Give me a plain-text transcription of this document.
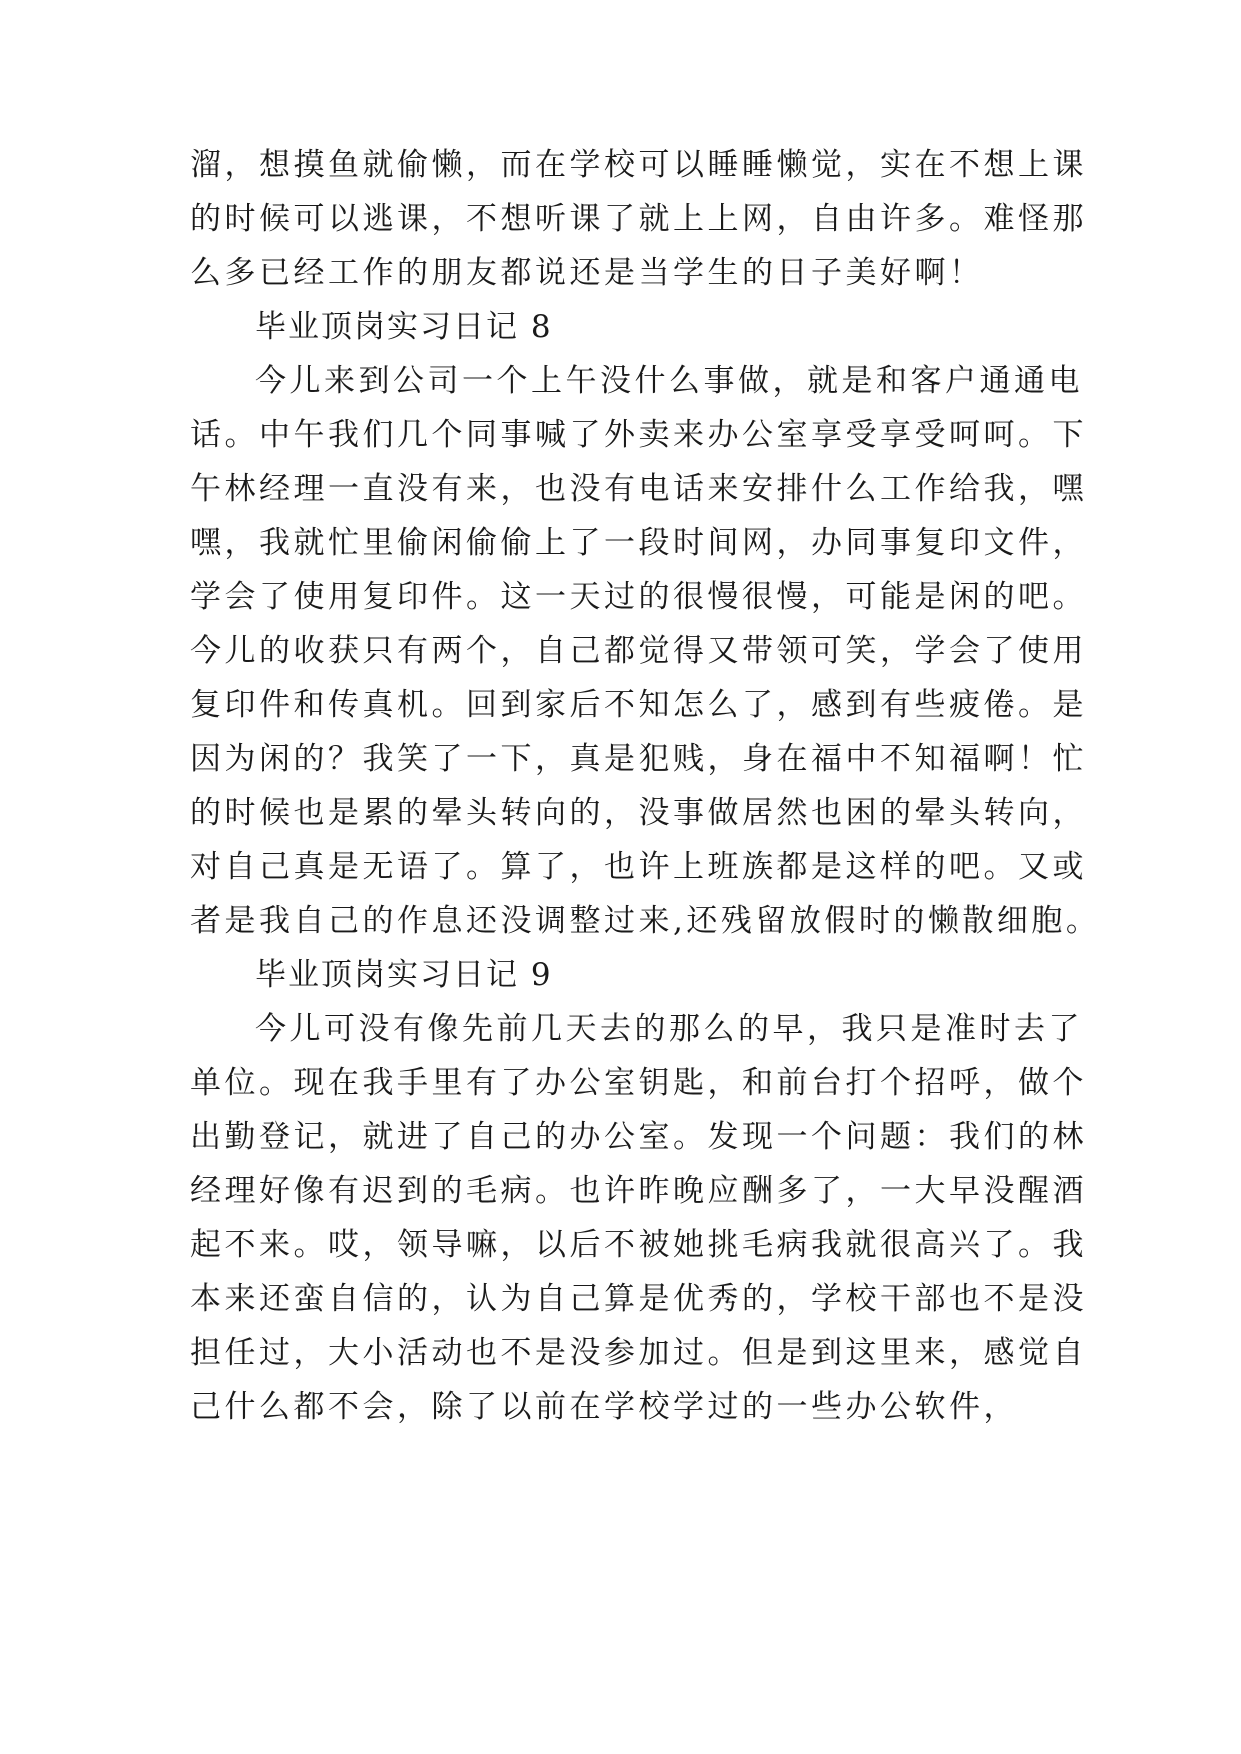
溜，想摸鱼就偷懒，而在学校可以睡睡懒觉，实在不想上课
的时候可以逃课，不想听课了就上上网，自由许多。难怪那
么多已经工作的朋友都说还是当学生的日子美好啊！
毕业顶岗实习日记 8
今儿来到公司一个上午没什么事做，就是和客户通通电
话。中午我们几个同事喊了外卖来办公室享受享受呵呵。下
午林经理一直没有来，也没有电话来安排什么工作给我，嘿
嘿，我就忙里偷闲偷偷上了一段时间网，办同事复印文件，
学会了使用复印件。这一天过的很慢很慢，可能是闲的吧。
今儿的收获只有两个，自己都觉得又带领可笑，学会了使用
复印件和传真机。回到家后不知怎么了，感到有些疲倦。是
因为闲的？我笑了一下，真是犯贱，身在福中不知福啊！忙
的时候也是累的晕头转向的，没事做居然也困的晕头转向，
对自己真是无语了。算了，也许上班族都是这样的吧。又或
者是我自己的作息还没调整过来,还残留放假时的懒散细胞。
毕业顶岗实习日记 9
今儿可没有像先前几天去的那么的早，我只是准时去了
单位。现在我手里有了办公室钥匙，和前台打个招呼，做个
出勤登记，就进了自己的办公室。发现一个问题：我们的林
经理好像有迟到的毛病。也许昨晚应酬多了，一大早没醒酒
起不来。哎，领导嘛，以后不被她挑毛病我就很高兴了。我
本来还蛮自信的，认为自己算是优秀的，学校干部也不是没
担任过，大小活动也不是没参加过。但是到这里来，感觉自
己什么都不会，除了以前在学校学过的一些办公软件，
